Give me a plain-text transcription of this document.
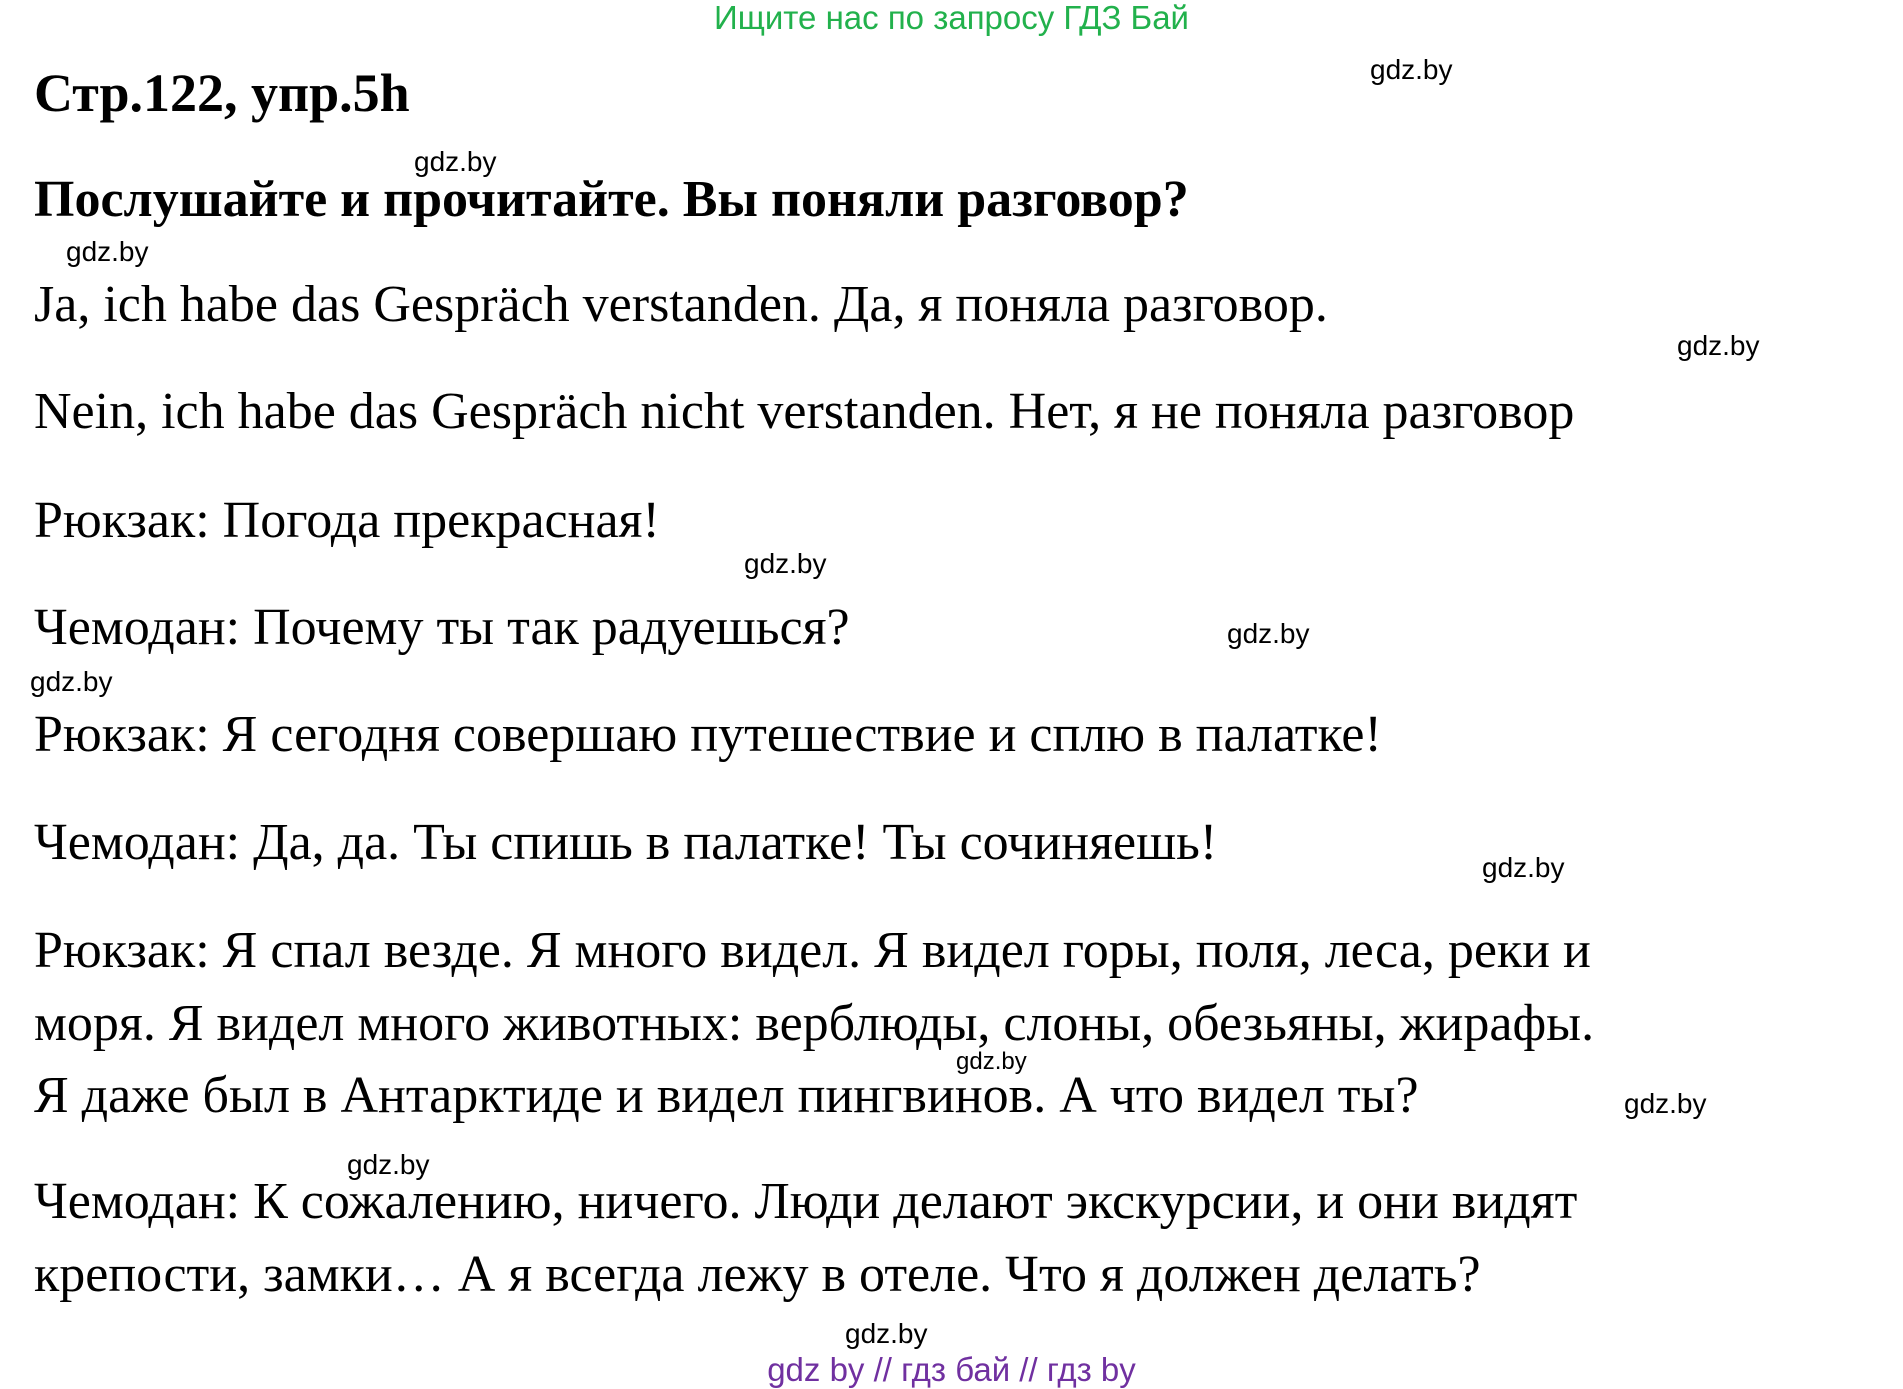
Ищите нас по запросу ГДЗ Бай
Стр.122, упр.5h
Послушайте и прочитайте. Вы поняли разговор?
Ja, ich habe das Gespräch verstanden. Да, я поняла разговор.
Nein, ich habe das Gespräch nicht verstanden. Нет, я не поняла разговор
Рюкзак: Погода прекрасная!
Чемодан: Почему ты так радуешься?
Рюкзак: Я сегодня совершаю путешествие и сплю в палатке!
Чемодан: Да, да. Ты спишь в палатке! Ты сочиняешь!
Рюкзак: Я спал везде. Я много видел. Я видел горы, поля, леса, реки и
моря. Я видел много животных: верблюды, слоны, обезьяны, жирафы.
Я даже был в Антарктиде и видел пингвинов. А что видел ты?
Чемодан: К сожалению, ничего. Люди делают экскурсии, и они видят
крепости, замки… А я всегда лежу в отеле. Что я должен делать?
gdz.by
gdz.by
gdz.by
gdz.by
gdz.by
gdz.by
gdz.by
gdz.by
gdz.by
gdz.by
gdz.by
gdz.by
gdz by // гдз бай // гдз by
